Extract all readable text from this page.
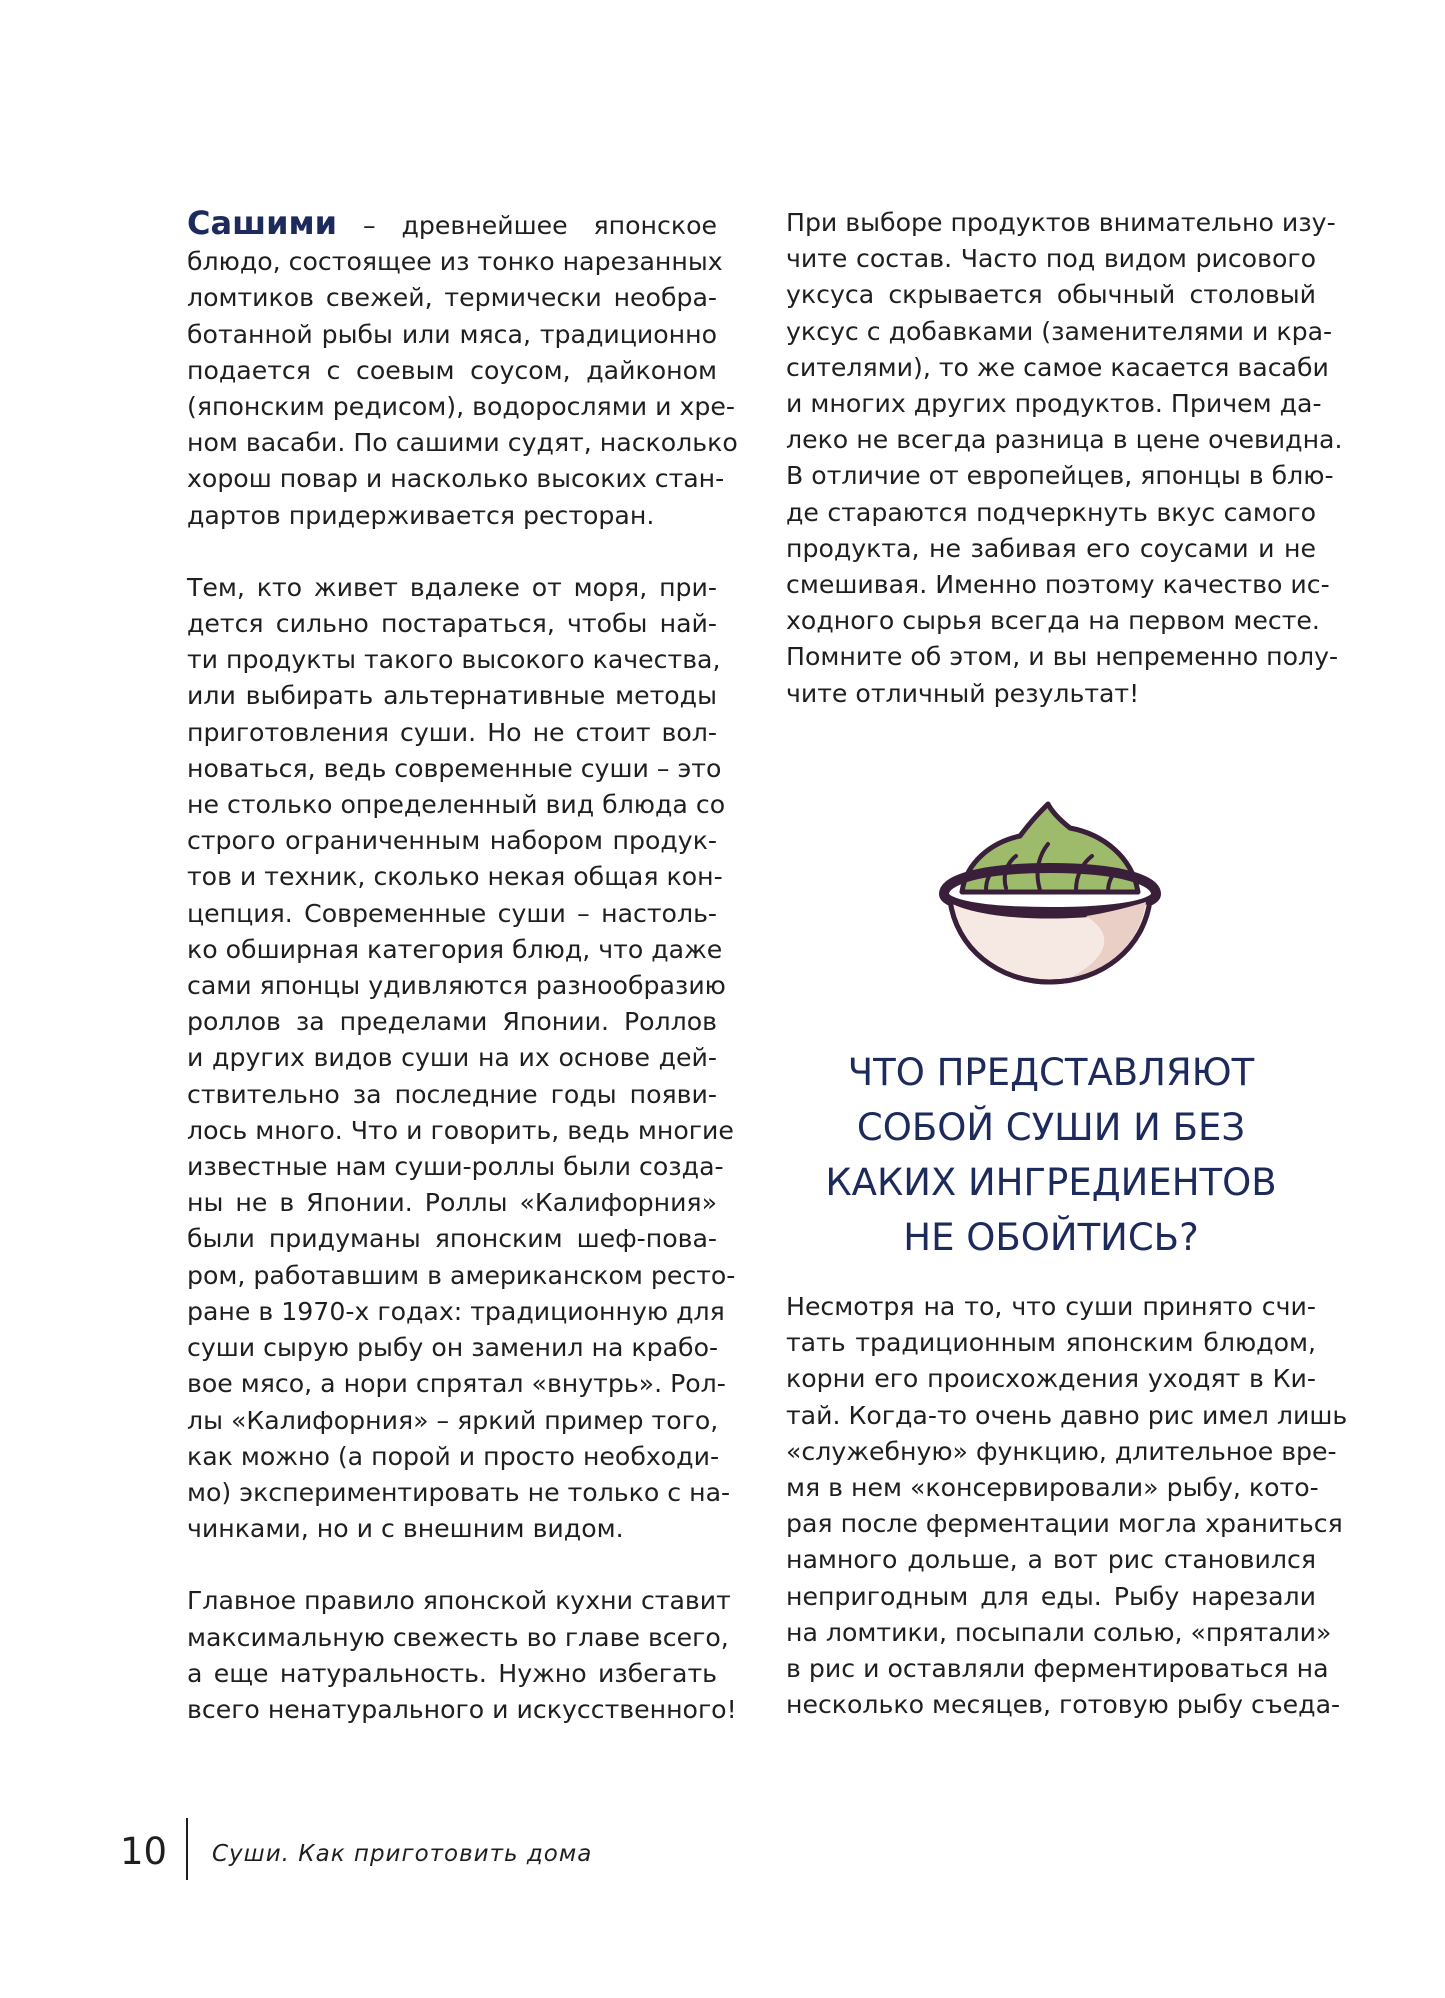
Сашими – древнейшее японское
блюдо, состоящее из тонко нарезанных
ломтиков свежей, термически необра-
ботанной рыбы или мяса, традиционно
подается с соевым соусом, дайконом
(японским редисом), водорослями и хре-
ном васаби. По сашими судят, насколько
хорош повар и насколько высоких стан-
дартов придерживается ресторан.
Тем, кто живет вдалеке от моря, при-
дется сильно постараться, чтобы най-
ти продукты такого высокого качества,
или выбирать альтернативные методы
приготовления суши. Но не стоит вол-
новаться, ведь современные суши – это
не столько определенный вид блюда со
строго ограниченным набором продук-
тов и техник, сколько некая общая кон-
цепция. Современные суши – настоль-
ко обширная категория блюд, что даже
сами японцы удивляются разнообразию
роллов за пределами Японии. Роллов
и других видов суши на их основе дей-
ствительно за последние годы появи-
лось много. Что и говорить, ведь многие
известные нам суши-роллы были созда-
ны не в Японии. Роллы «Калифорния»
были придуманы японским шеф-пова-
ром, работавшим в американском ресто-
ране в 1970-х годах: традиционную для
суши сырую рыбу он заменил на крабо-
вое мясо, а нори спрятал «внутрь». Рол-
лы «Калифорния» – яркий пример того,
как можно (а порой и просто необходи-
мо) экспериментировать не только с на-
чинками, но и с внешним видом.
Главное правило японской кухни ставит
максимальную свежесть во главе всего,
а еще натуральность. Нужно избегать
всего ненатурального и искусственного!
При выборе продуктов внимательно изу-
чите состав. Часто под видом рисового
уксуса скрывается обычный столовый
уксус с добавками (заменителями и кра-
сителями), то же самое касается васаби
и многих других продуктов. Причем да-
леко не всегда разница в цене очевидна.
В отличие от европейцев, японцы в блю-
де стараются подчеркнуть вкус самого
продукта, не забивая его соусами и не
смешивая. Именно поэтому качество ис-
ходного сырья всегда на первом месте.
Помните об этом, и вы непременно полу-
чите отличный результат!
ЧТО ПРЕДСТАВЛЯЮТ
СОБОЙ СУШИ И БЕЗ
КАКИХ ИНГРЕДИЕНТОВ
НЕ ОБОЙТИСЬ?
Несмотря на то, что суши принято счи-
тать традиционным японским блюдом,
корни его происхождения уходят в Ки-
тай. Когда-то очень давно рис имел лишь
«служебную» функцию, длительное вре-
мя в нем «консервировали» рыбу, кото-
рая после ферментации могла храниться
намного дольше, а вот рис становился
непригодным для еды. Рыбу нарезали
на ломтики, посыпали солью, «прятали»
в рис и оставляли ферментироваться на
несколько месяцев, готовую рыбу съеда-
10 Суши. Как приготовить дома
